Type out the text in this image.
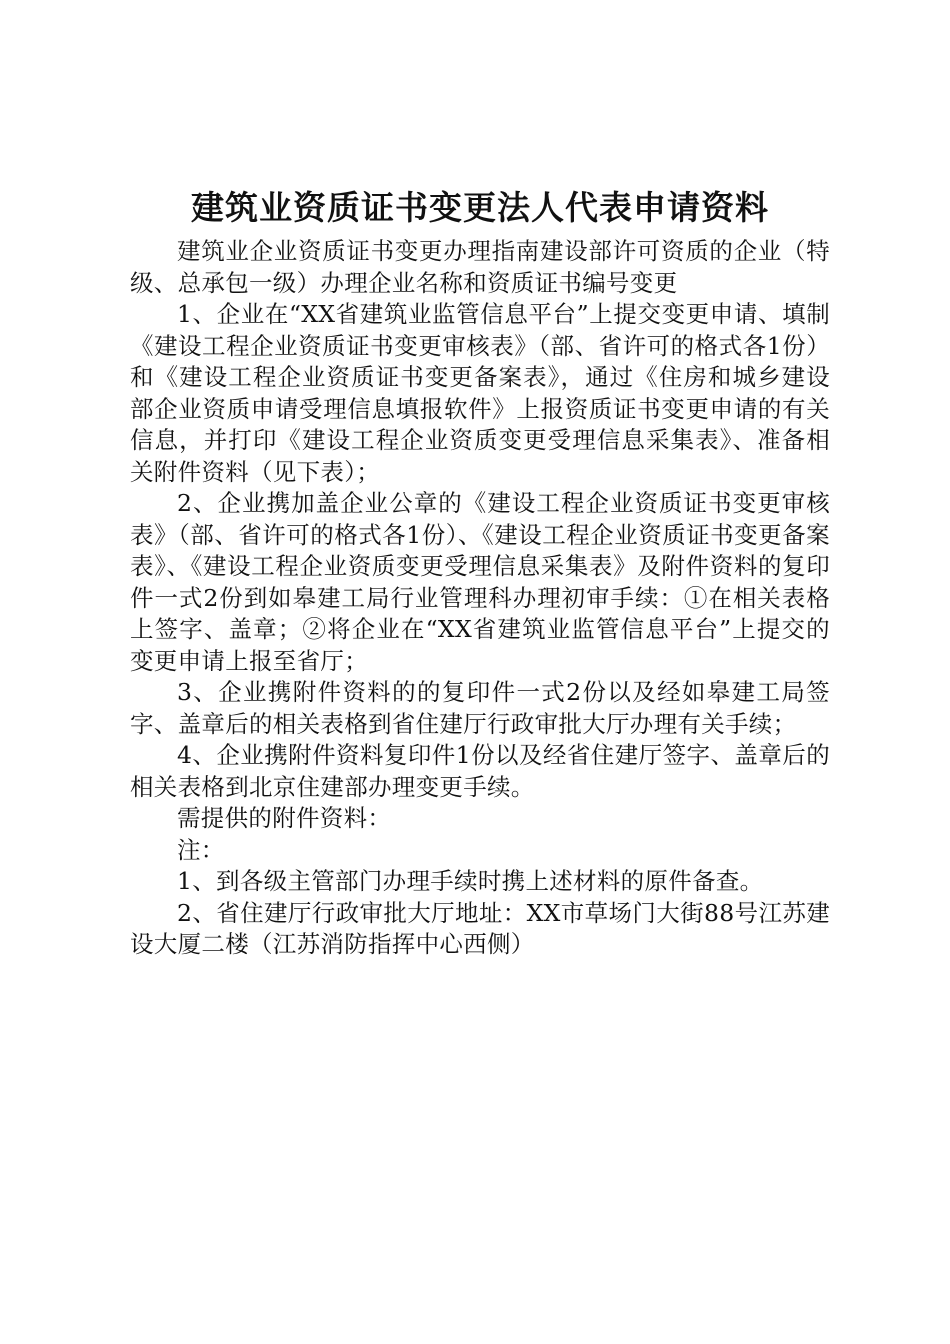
建筑业资质证书变更法人代表申请资料

建筑业企业资质证书变更办理指南建设部许可资质的企业（特级、总承包一级）办理企业名称和资质证书编号变更

1、企业在“XX省建筑业监管信息平台”上提交变更申请、填制《建设工程企业资质证书变更审核表》（部、省许可的格式各1份）和《建设工程企业资质证书变更备案表》，通过《住房和城乡建设部企业资质申请受理信息填报软件》上报资质证书变更申请的有关信息，并打印《建设工程企业资质变更受理信息采集表》、准备相关附件资料（见下表）；

2、企业携加盖企业公章的《建设工程企业资质证书变更审核表》（部、省许可的格式各1份）、《建设工程企业资质证书变更备案表》、《建设工程企业资质变更受理信息采集表》及附件资料的复印件一式2份到如皋建工局行业管理科办理初审手续：①在相关表格上签字、盖章；②将企业在“XX省建筑业监管信息平台”上提交的变更申请上报至省厅；

3、企业携附件资料的的复印件一式2份以及经如皋建工局签字、盖章后的相关表格到省住建厅行政审批大厅办理有关手续；

4、企业携附件资料复印件1份以及经省住建厅签字、盖章后的相关表格到北京住建部办理变更手续。

需提供的附件资料：

注：

1、到各级主管部门办理手续时携上述材料的原件备查。

2、省住建厅行政审批大厅地址：XX市草场门大街88号江苏建设大厦二楼（江苏消防指挥中心西侧）
